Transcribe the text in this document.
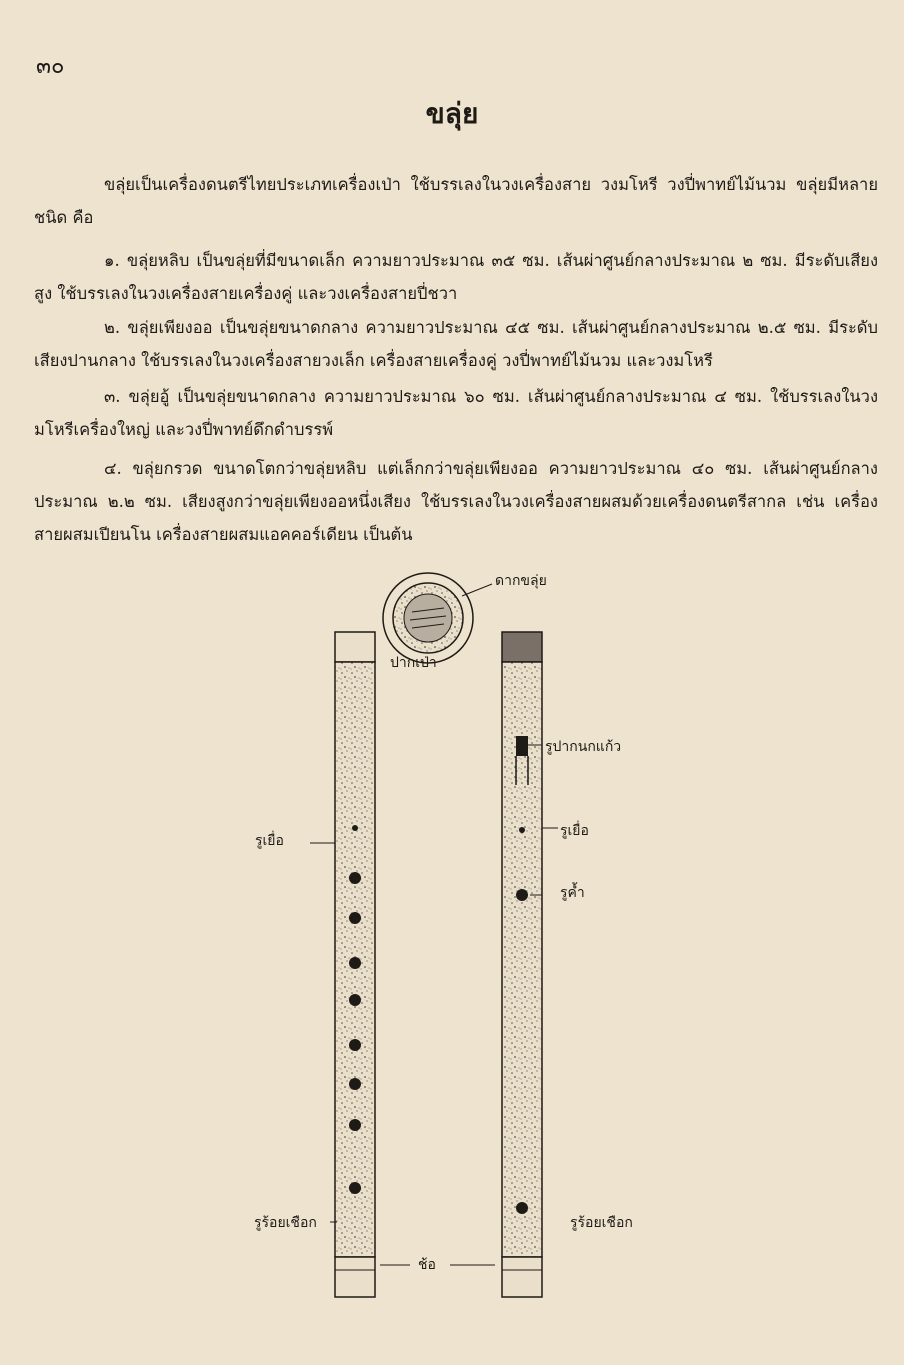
๓๐
ขลุ่ย

ขลุ่ยเป็นเครื่องดนตรีไทยประเภทเครื่องเป่า ใช้บรรเลงในวงเครื่องสาย วงมโหรี วงปี่พาทย์ไม้นวม ขลุ่ยมีหลายชนิด คือ

๑. ขลุ่ยหลิบ เป็นขลุ่ยที่มีขนาดเล็ก ความยาวประมาณ ๓๕ ซม. เส้นผ่าศูนย์กลางประมาณ ๒ ซม. มีระดับเสียงสูง ใช้บรรเลงในวงเครื่องสายเครื่องคู่ และวงเครื่องสายปี่ชวา

๒. ขลุ่ยเพียงออ เป็นขลุ่ยขนาดกลาง ความยาวประมาณ ๔๕ ซม. เส้นผ่าศูนย์กลางประมาณ ๒.๕ ซม. มีระดับเสียงปานกลาง ใช้บรรเลงในวงเครื่องสายวงเล็ก เครื่องสายเครื่องคู่ วงปี่พาทย์ไม้นวม และวงมโหรี

๓. ขลุ่ยอู้ เป็นขลุ่ยขนาดกลาง ความยาวประมาณ ๖๐ ซม. เส้นผ่าศูนย์กลางประมาณ ๔ ซม. ใช้บรรเลงในวงมโหรีเครื่องใหญ่ และวงปี่พาทย์ดึกดำบรรพ์

๔. ขลุ่ยกรวด ขนาดโตกว่าขลุ่ยหลิบ แต่เล็กกว่าขลุ่ยเพียงออ ความยาวประมาณ ๔๐ ซม. เส้นผ่าศูนย์กลางประมาณ ๒.๒ ซม. เสียงสูงกว่าขลุ่ยเพียงออหนึ่งเสียง ใช้บรรเลงในวงเครื่องสายผสมด้วยเครื่องดนตรีสากล เช่น เครื่องสายผสมเปียนโน เครื่องสายผสมแอคคอร์เดียน เป็นต้น

ดากขลุ่ย
ปากเป่า
รูปากนกแก้ว
รูเยื่อ
รูเยื่อ
รูค้ำ
รูร้อยเชือก	รูร้อยเชือก
ช้อ
